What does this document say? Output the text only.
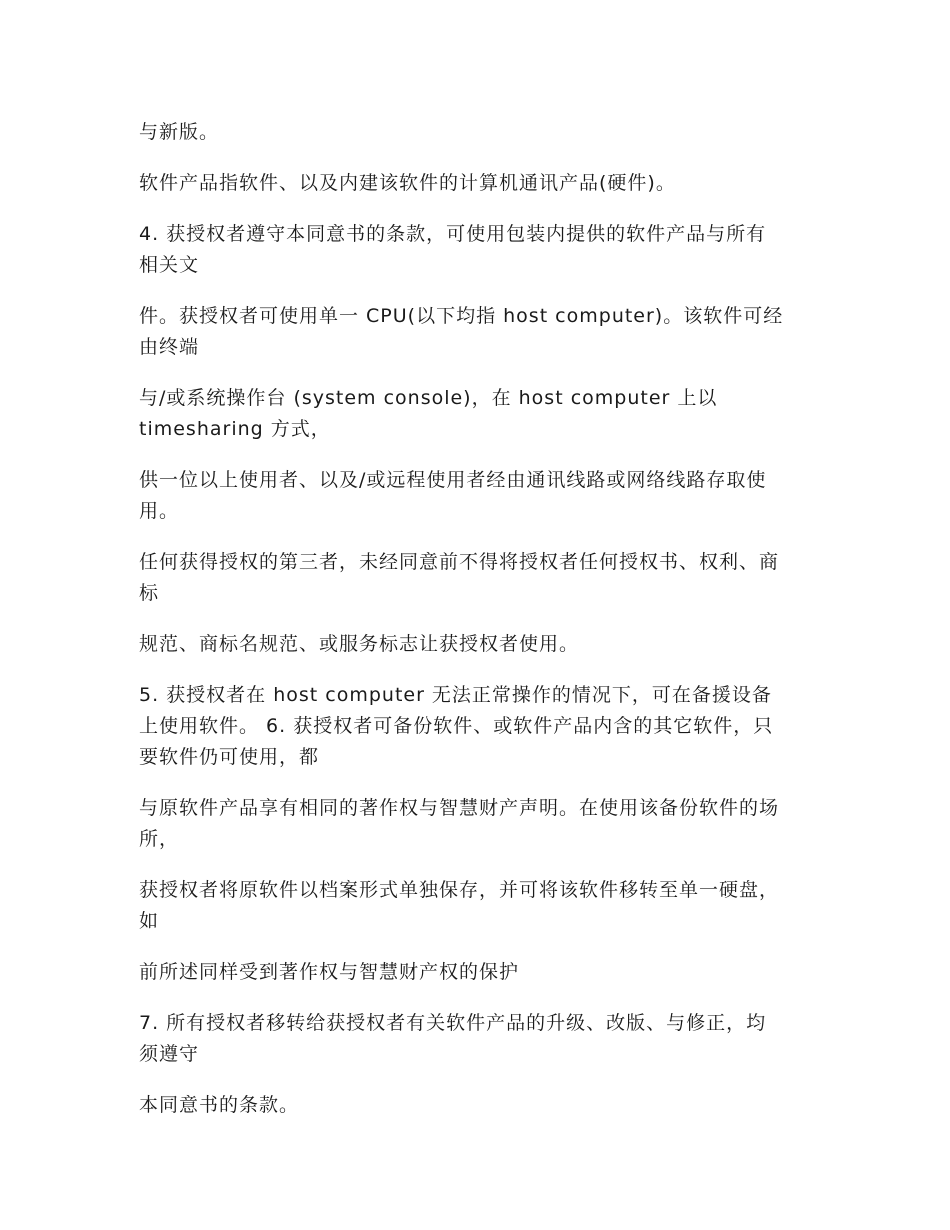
与新版。

软件产品指软件、以及内建该软件的计算机通讯产品(硬件)。

4. 获授权者遵守本同意书的条款，可使用包装内提供的软件产品与所有
相关文

件。获授权者可使用单一 CPU(以下均指 host computer)。该软件可经
由终端

与/或系统操作台 (system console)，在 host computer 上以
timesharing 方式，

供一位以上使用者、以及/或远程使用者经由通讯线路或网络线路存取使
用。

任何获得授权的第三者，未经同意前不得将授权者任何授权书、权利、商
标

规范、商标名规范、或服务标志让获授权者使用。

5. 获授权者在 host computer 无法正常操作的情况下，可在备援设备
上使用软件。 6. 获授权者可备份软件、或软件产品内含的其它软件，只
要软件仍可使用，都

与原软件产品享有相同的著作权与智慧财产声明。在使用该备份软件的场
所，

获授权者将原软件以档案形式单独保存，并可将该软件移转至单一硬盘，
如

前所述同样受到著作权与智慧财产权的保护

7. 所有授权者移转给获授权者有关软件产品的升级、改版、与修正，均
须遵守

本同意书的条款。
